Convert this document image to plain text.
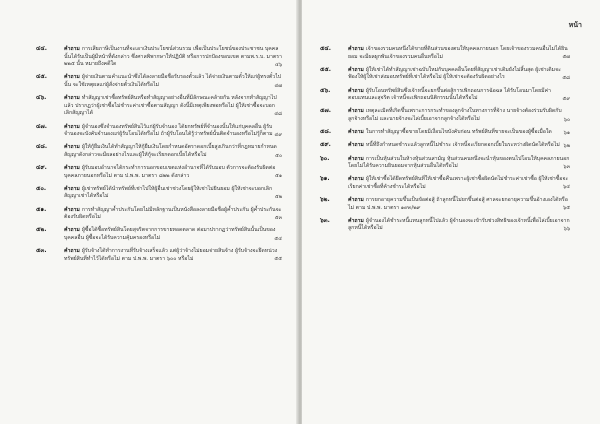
๔๔.	คำถาม การเสียภาษีเป็นงานที่จะเอาเงินประโยชน์ส่วนรวม เพื่อเป็นประโยชน์ของประชาชน บุคคลนั้นได้รับเป็นผู้มีหน้าที่ดังกล่าว ซึ่งศาลพิพากษาให้ปฏิบัติ หรือการปกป้องขอบเขต ตามพ.ร.บ. มาตรา ๒๒๕ นั้น หมายถึงคดีใด	๔๖
๔๕.	คำถาม ผู้จ่ายเงินตามคำแนะนำซึ่งได้ลงลายมือชื่อรับรองตั๋วแล้ว ได้จ่ายเงินตามตั๋วให้แก่ผู้ทรงตั๋วไปนั้น จะใช้เหตุผลแก่ผู้สั่งจ่ายตั๋วเงินได้หรือไม่	๔๗
๔๖.	คำถาม ทำสัญญาเช่าซื้อทรัพย์สินหรือทำสัญญาอย่างอื่นที่มีลักษณะคล้ายกัน หลังจากทำสัญญาไปแล้ว ปรากฏว่าผู้เช่าซื้อไม่ชำระค่าเช่าซื้อตามสัญญา ดังนี้มีเหตุเพียงพอหรือไม่ ผู้ให้เช่าซื้อจะบอกเลิกสัญญาได้	๔๘
๔๗.	คำถาม ผู้จำนองซึ่งจำนองทรัพย์สินไว้แก่ผู้รับจำนอง ได้ยกทรัพย์ที่จำนองนั้นให้แก่บุคคลอื่น ผู้รับจำนองจะบังคับจำนองแก่ผู้รับโอนได้หรือไม่ ถ้าผู้รับโอนได้รู้ว่าทรัพย์นั้นติดจำนองหรือไม่รู้ก็ตาม ๔๙
๔๘.	คำถาม ผู้ให้กู้ยืมเงินได้ทำสัญญาให้กู้ยืมเงินโดยกำหนดอัตราดอกเบี้ยสูงเกินกว่าที่กฎหมายกำหนด สัญญาดังกล่าวจะมีผลอย่างไรและผู้ให้กู้จะเรียกดอกเบี้ยได้หรือไม่	๕๐
๔๙.	คำถาม ผู้รับมอบอำนาจได้กระทำการนอกขอบเขตแห่งอำนาจที่ได้รับมอบ ตัวการจะต้องรับผิดต่อบุคคลภายนอกหรือไม่ ตาม ป.พ.พ. มาตรา ๘๒๒ ดังกล่าว	๕๑
๕๐.	คำถาม ผู้เช่าทรัพย์ได้นำทรัพย์ที่เช่าไปให้ผู้อื่นเช่าช่วงโดยผู้ให้เช่าไม่ยินยอม ผู้ให้เช่าจะบอกเลิกสัญญาเช่าได้หรือไม่	๕๒
๕๑.	คำถาม การทำสัญญาค้ำประกันโดยไม่มีหลักฐานเป็นหนังสือลงลายมือชื่อผู้ค้ำประกัน ผู้ค้ำประกันจะต้องรับผิดหรือไม่	๕๓
๕๒.	คำถาม ผู้ซื้อได้ซื้อทรัพย์สินโดยสุจริตจากการขายทอดตลาด ต่อมาปรากฏว่าทรัพย์สินนั้นเป็นของบุคคลอื่น ผู้ซื้อจะได้รับความคุ้มครองหรือไม่	๕๔
๕๓.	คำถาม ผู้รับจ้างได้ทำการงานที่รับจ้างเสร็จแล้ว แต่ผู้ว่าจ้างไม่ยอมจ่ายสินจ้าง ผู้รับจ้างจะยึดหน่วงทรัพย์สินที่ทำไว้ได้หรือไม่ ตาม ป.พ.พ. มาตรา ๖๐๐ หรือไม่	๕๕
หน้า
๕๔.	คำถาม เจ้าของรวมคนหนึ่งได้ขายที่ดินส่วนของตนให้บุคคลภายนอก โดยเจ้าของรวมคนอื่นไม่ได้ยินยอม จะมีผลผูกพันเจ้าของรวมคนอื่นหรือไม่	๕๗
๕๕.	คำถาม ผู้ให้เช่าได้ทำสัญญาเช่าฉบับใหม่กับบุคคลอื่นโดยที่สัญญาเช่าเดิมยังไม่สิ้นสุด ผู้เช่าเดิมจะฟ้องให้ผู้ให้เช่าส่งมอบทรัพย์ที่เช่าได้หรือไม่ ผู้ให้เช่าจะต้องรับผิดอย่างไร	๕๘
๕๖.	คำถาม ผู้รับโอนทรัพย์สินซึ่งเจ้าหนี้จะยกขึ้นต่อสู้การเพิกถอนการฉ้อฉล ได้รับโอนมาโดยมีค่าตอบแทนและสุจริต เจ้าหนี้จะเพิกถอนนิติกรรมนั้นได้หรือไม่	๕๙
๕๗.	คำถาม เหตุละเมิดที่เกิดขึ้นเพราะการกระทำของลูกจ้างในทางการที่จ้าง นายจ้างต้องร่วมรับผิดกับลูกจ้างหรือไม่ และนายจ้างจะไล่เบี้ยเอาจากลูกจ้างได้หรือไม่	๖๐
๕๘.	คำถาม ในการทำสัญญาซื้อขายโดยมีเงื่อนไขบังคับก่อน ทรัพย์สินที่ขายจะเป็นของผู้ซื้อเมื่อใด	๖๑
๕๙.	คำถาม หนี้ที่ถึงกำหนดชำระแล้วลูกหนี้ไม่ชำระ เจ้าหนี้จะเรียกดอกเบี้ยในระหว่างผิดนัดได้หรือไม่ ๖๒
๖๐.	คำถาม การเป็นหุ้นส่วนในห้างหุ้นส่วนสามัญ หุ้นส่วนคนหนึ่งจะนำหุ้นของตนไปโอนให้บุคคลภายนอกโดยไม่ได้รับความยินยอมจากหุ้นส่วนอื่นได้หรือไม่	๖๓
๖๑.	คำถาม ผู้ให้เช่าซื้อได้ยึดทรัพย์สินที่ให้เช่าซื้อคืนเพราะผู้เช่าซื้อผิดนัดไม่ชำระค่าเช่าซื้อ ผู้ให้เช่าซื้อจะเรียกค่าเช่าซื้อที่ค้างชำระได้หรือไม่	๖๔
๖๒.	คำถาม การยกอายุความขึ้นเป็นข้อต่อสู้ ถ้าลูกหนี้ไม่ยกขึ้นต่อสู้ ศาลจะยกอายุความขึ้นอ้างเองได้หรือไม่ ตาม ป.พ.พ. มาตรา ๑๙๓/๒๙	๖๕
๖๓.	คำถาม ผู้จำนองได้ชำระหนี้แทนลูกหนี้ไปแล้ว ผู้จำนองจะเข้ารับช่วงสิทธิของเจ้าหนี้เพื่อไล่เบี้ยเอาจากลูกหนี้ได้หรือไม่	๖๖
